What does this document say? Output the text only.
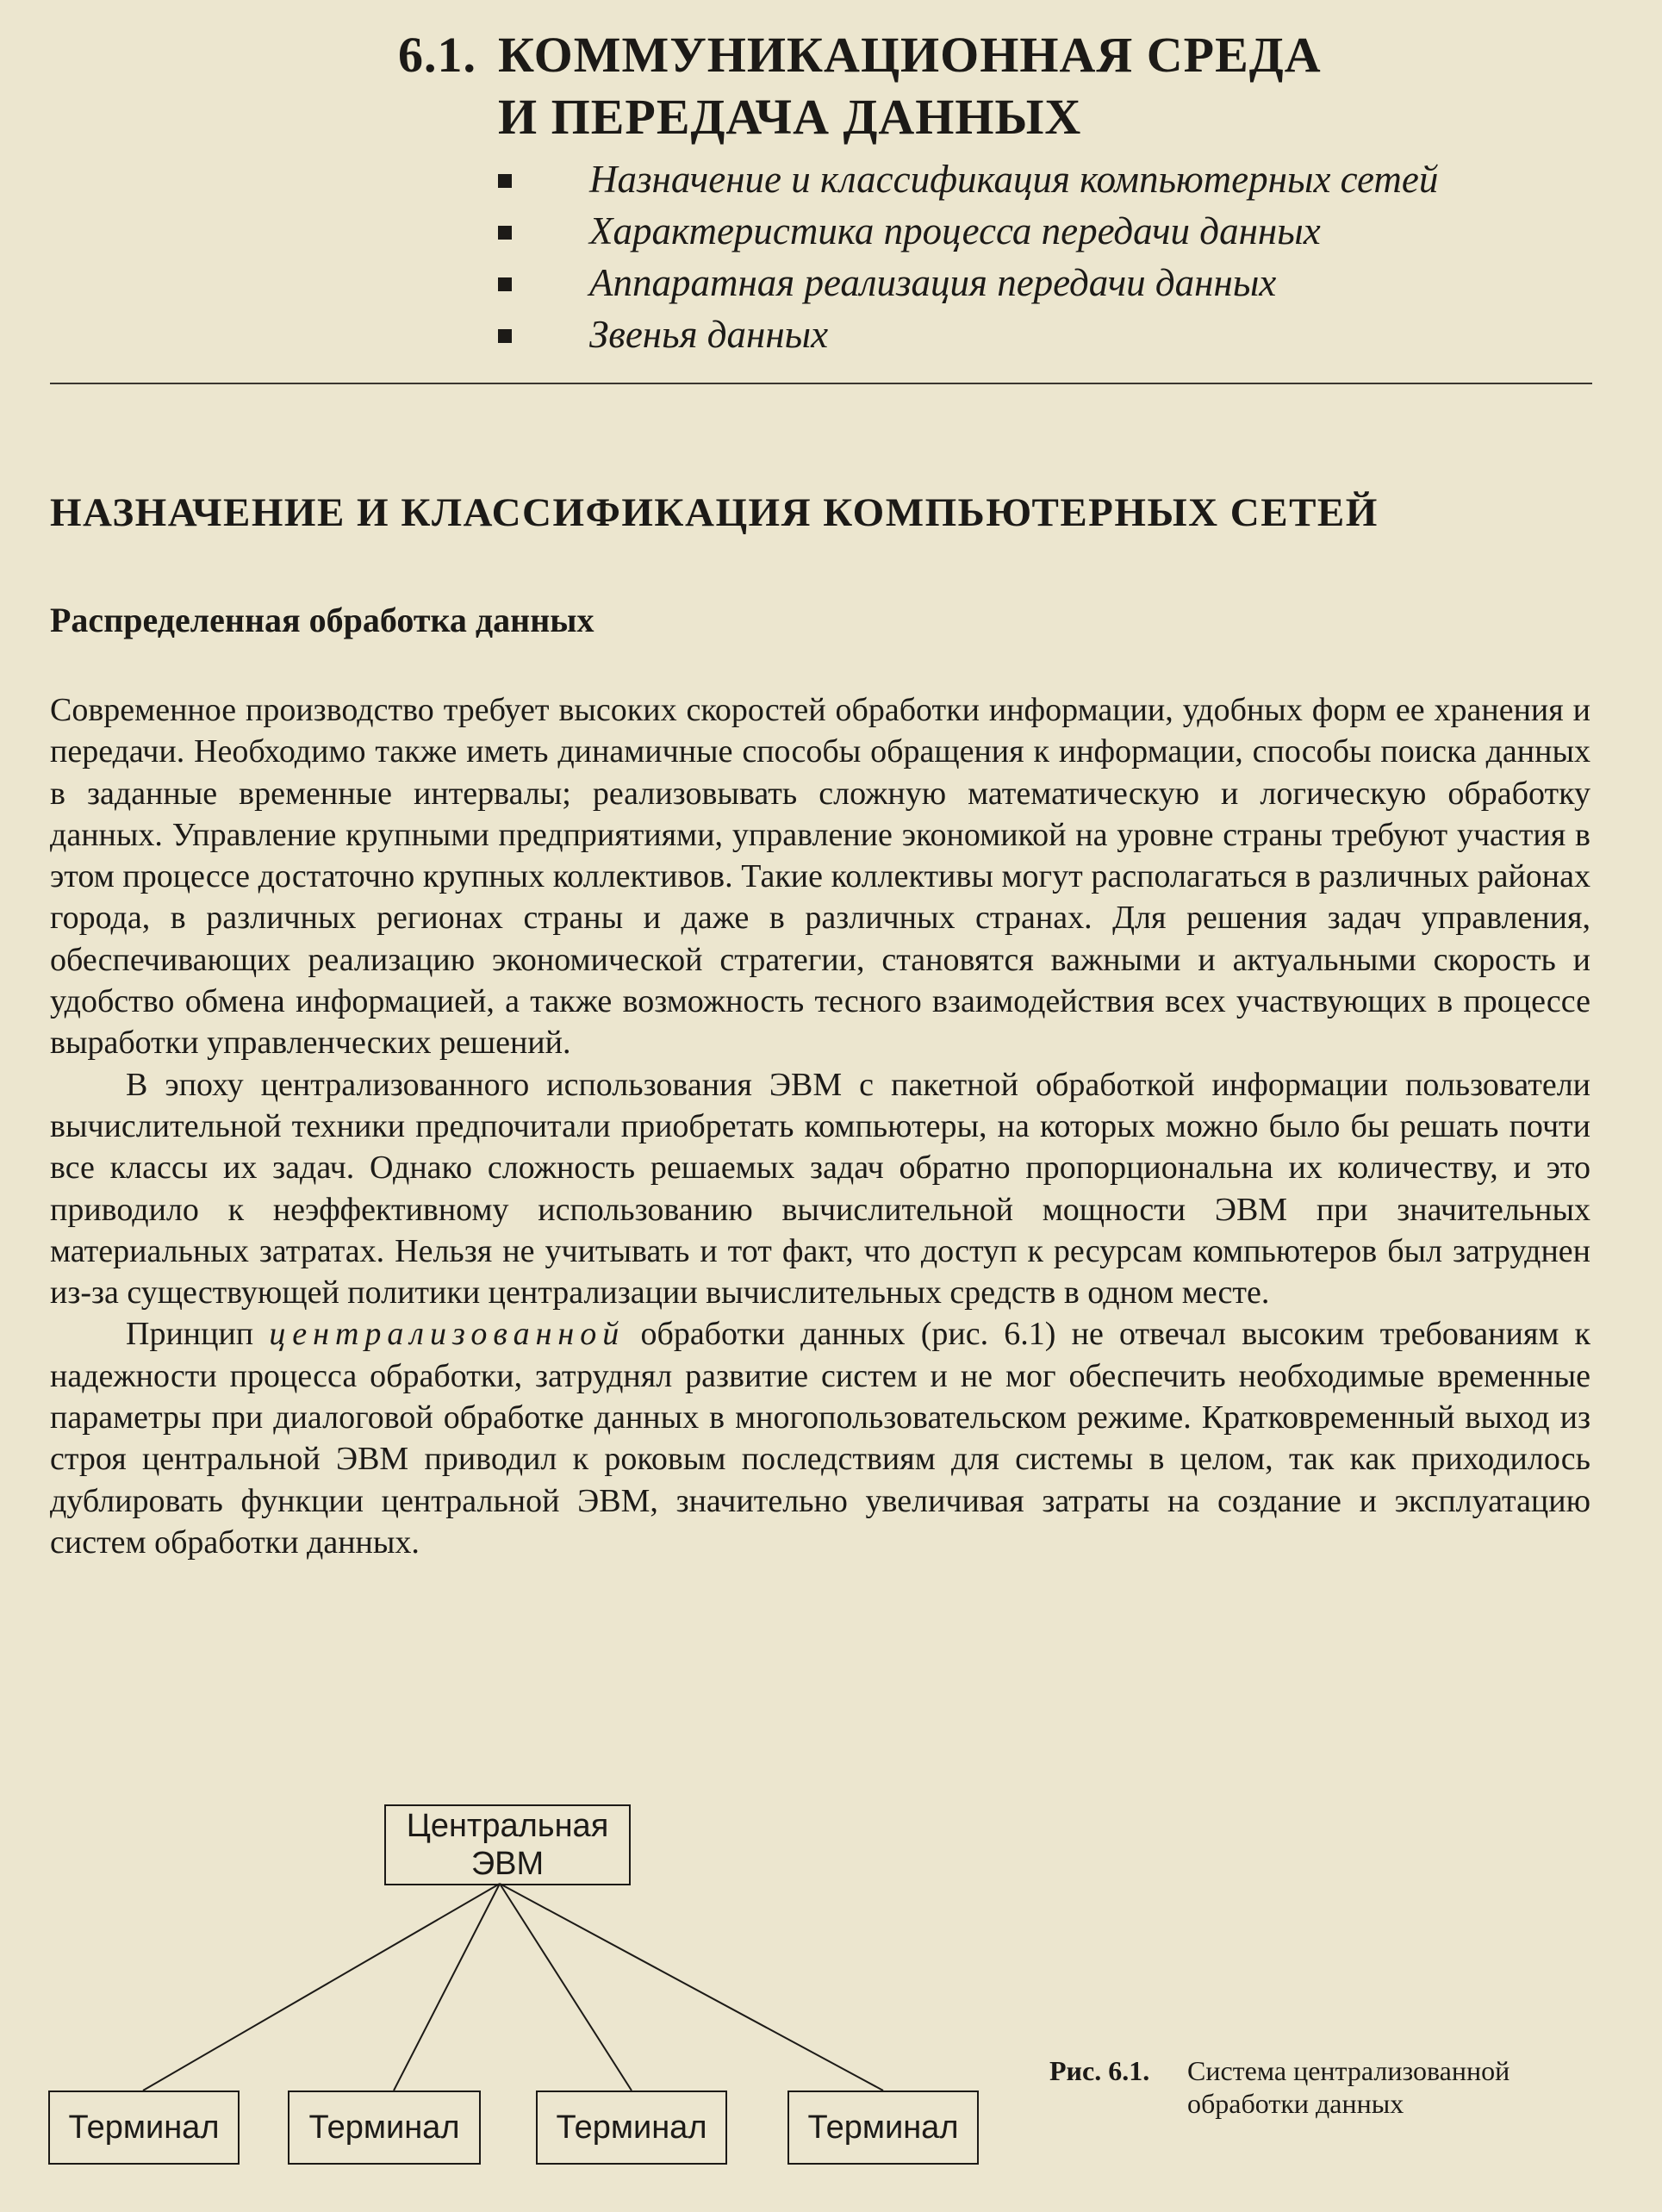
6.1. КОММУНИКАЦИОННАЯ СРЕДА
И ПЕРЕДАЧА ДАННЫХ
Назначение и классификация компьютерных сетей
Характеристика процесса передачи данных
Аппаратная реализация передачи данных
Звенья данных
НАЗНАЧЕНИЕ И КЛАССИФИКАЦИЯ КОМПЬЮТЕРНЫХ СЕТЕЙ
Распределенная обработка данных

Современное производство требует высоких скоростей обработки информации, удобных форм ее хранения и передачи. Необходимо также иметь динамичные способы обращения к информации, способы поиска данных в заданные временные интервалы; реализовывать сложную математическую и логическую обработку данных. Управление крупными предприятиями, управление экономикой на уровне страны требуют участия в этом процессе достаточно крупных коллективов. Такие коллективы могут располагаться в различных районах города, в различных регионах страны и даже в различных странах. Для решения задач управления, обеспечивающих реализацию экономической стратегии, становятся важными и актуальными скорость и удобство обмена информацией, а также возможность тесного взаимодействия всех участвующих в процессе выработки управленческих решений.

В эпоху централизованного использования ЭВМ с пакетной обработкой информации пользователи вычислительной техники предпочитали приобретать компьютеры, на которых можно было бы решать почти все классы их задач. Однако сложность решаемых задач обратно пропорциональна их количеству, и это приводило к неэффективному использованию вычислительной мощности ЭВМ при значительных материальных затратах. Нельзя не учитывать и тот факт, что доступ к ресурсам компьютеров был затруднен из-за существующей политики централизации вычислительных средств в одном месте.

Принцип централизованной обработки данных (рис. 6.1) не отвечал высоким требованиям к надежности процесса обработки, затруднял развитие систем и не мог обеспечить необходимые временные параметры при диалоговой обработке данных в многопользовательском режиме. Кратковременный выход из строя центральной ЭВМ приводил к роковым последствиям для системы в целом, так как приходилось дублировать функции центральной ЭВМ, значительно увеличивая затраты на создание и эксплуатацию систем обработки данных.

Центральная
ЭВМ
Терминал	Терминал	Терминал	Терминал
Рис. 6.1. Система централизованной
обработки данных
